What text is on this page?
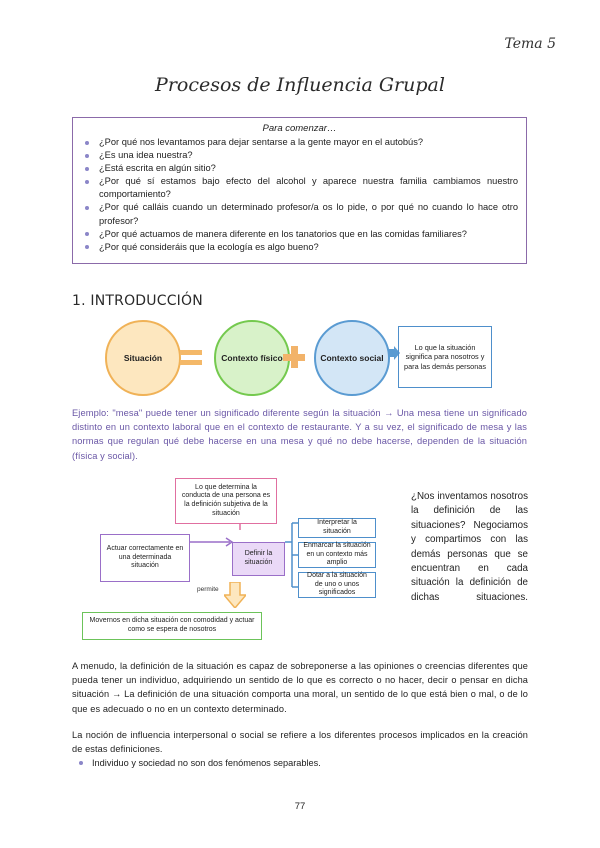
Tema 5
Procesos de Influencia Grupal
Para comenzar…
¿Por qué nos levantamos para dejar sentarse a la gente mayor en el autobús?
¿Es una idea nuestra?
¿Está escrita en algún sitio?
¿Por qué sí estamos bajo efecto del alcohol y aparece nuestra familia cambiamos nuestro comportamiento?
¿Por qué calláis cuando un determinado profesor/a os lo pide, o por qué no cuando lo hace otro profesor?
¿Por qué actuamos de manera diferente en los tanatorios que en las comidas familiares?
¿Por qué consideráis que la ecología es algo bueno?
1. INTRODUCCIÓN
Situación	Contexto físico	Contexto social
Lo que la situación significa para nosotros y para las demás personas
Ejemplo: "mesa" puede tener un significado diferente según la situación → Una mesa tiene un significado distinto en un contexto laboral que en el contexto de restaurante. Y a su vez, el significado de mesa y las normas que regulan qué debe hacerse en una mesa y qué no debe hacerse, dependen de la situación (física y social).
Lo que determina la conducta de una persona es la definición subjetiva de la situación
Actuar correctamente en una determinada situación
Definir la situación
Interpretar la situación
Enmarcar la situación en un contexto más amplio
Dotar a la situación de uno o unos significados
permite
Movernos en dicha situación con comodidad y actuar como se espera de nosotros
¿Nos inventamos nosotros la definición de las situaciones? Negociamos y compartimos con las demás personas que se encuentran en cada situación la definición de dichas situaciones.
A menudo, la definición de la situación es capaz de sobreponerse a las opiniones o creencias diferentes que pueda tener un individuo, adquiriendo un sentido de lo que es correcto o no hacer, decir o pensar en dicha situación → La definición de una situación comporta una moral, un sentido de lo que está bien o mal, o de lo que es adecuado o no en un contexto determinado.
La noción de influencia interpersonal o social se refiere a los diferentes procesos implicados en la creación de estas definiciones.
Individuo y sociedad no son dos fenómenos separables.
77
